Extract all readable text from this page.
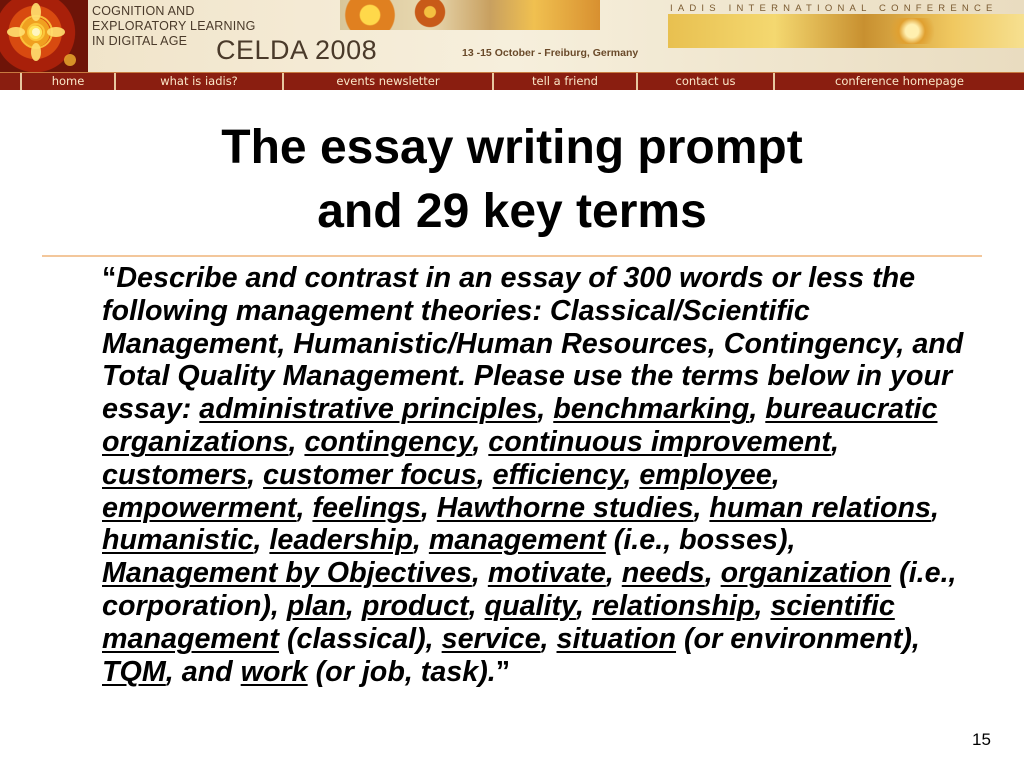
COGNITION AND
EXPLORATORY LEARNING
IN DIGITAL AGE	CELDA 2008	13 -15 October - Freiburg, Germany
IADIS INTERNATIONAL CONFERENCE
home	what is iadis?	events newsletter	tell a friend	contact us	conference homepage
The essay writing prompt
and 29 key terms
“Describe and contrast in an essay of 300 words or less the following management theories: Classical/Scientific Management, Humanistic/Human Resources, Contingency, and Total Quality Management. Please use the terms below in your essay: administrative principles, benchmarking, bureaucratic organizations, contingency, continuous improvement, customers, customer focus, efficiency, employee, empowerment, feelings, Hawthorne studies, human relations, humanistic, leadership, management (i.e., bosses), Management by Objectives, motivate, needs, organization (i.e., corporation), plan, product, quality, relationship, scientific management (classical), service, situation (or environment), TQM, and work (or job, task).”
15
